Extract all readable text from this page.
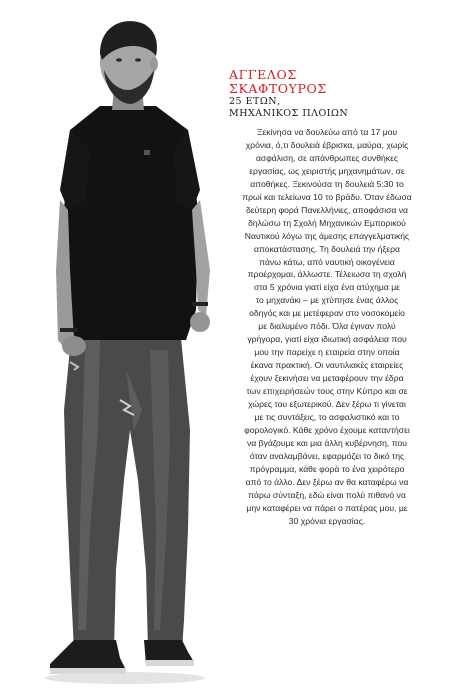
ΑΓΓΕΛΟΣ
ΣΚΑΦΤΟΥΡΟΣ
25 ΕΤΩΝ,
ΜΗΧΑΝΙΚΟΣ ΠΛΟΙΩΝ
Ξεκίνησα να δουλεύω από τα 17 μου
χρόνια, ό,τι δουλειά έβρισκα, μαύρα, χωρίς
ασφάλιση, σε απάνθρωπες συνθήκες
εργασίας, ως χειριστής μηχανημάτων, σε
αποθήκες. Ξεκινούσα τη δουλειά 5:30 το
πρωί και τελείωνα 10 το βράδυ. Όταν έδωσα
δεύτερη φορά Πανελλήνιες, αποφάσισα να
δηλώσω τη Σχολή Μηχανικών Εμπορικού
Ναυτικού λόγω της άμεσης επαγγελματικής
αποκατάστασης. Τη δουλειά την ήξερα
πάνω κάτω, από ναυτική οικογένεια
προέρχομαι, άλλωστε. Τέλειωσα τη σχολή
στα 5 χρόνια γιατί είχα ένα ατύχημα με
το μηχανάκι – με χτύπησε ένας άλλος
οδηγός και με μετέφεραν στο νοσοκομείο
με διαλυμένο πόδι. Όλα έγιναν πολύ
γρήγορα, γιατί είχα ιδιωτική ασφάλεια που
μου την παρείχε η εταιρεία στην οποία
έκανα πρακτική. Οι ναυτιλιακές εταιρείες
έχουν ξεκινήσει να μεταφέρουν την έδρα
των επιχειρήσεών τους στην Κύπρο και σε
χώρες του εξωτερικού. Δεν ξέρω τι γίνεται
με τις συντάξεις, το ασφαλιστικό και το
φορολογικό. Κάθε χρόνο έχουμε καταντήσει
να βγάζουμε και μια άλλη κυβέρνηση, που
όταν αναλαμβάνει, εφαρμόζει το δικό της
πρόγραμμα, κάθε φορά το ένα χειρότερο
από το άλλο. Δεν ξέρω αν θα καταφέρω να
πάρω σύνταξη, εδώ είναι πολύ πιθανό να
μην καταφέρει να πάρει ο πατέρας μου, με
30 χρόνια εργασίας.
